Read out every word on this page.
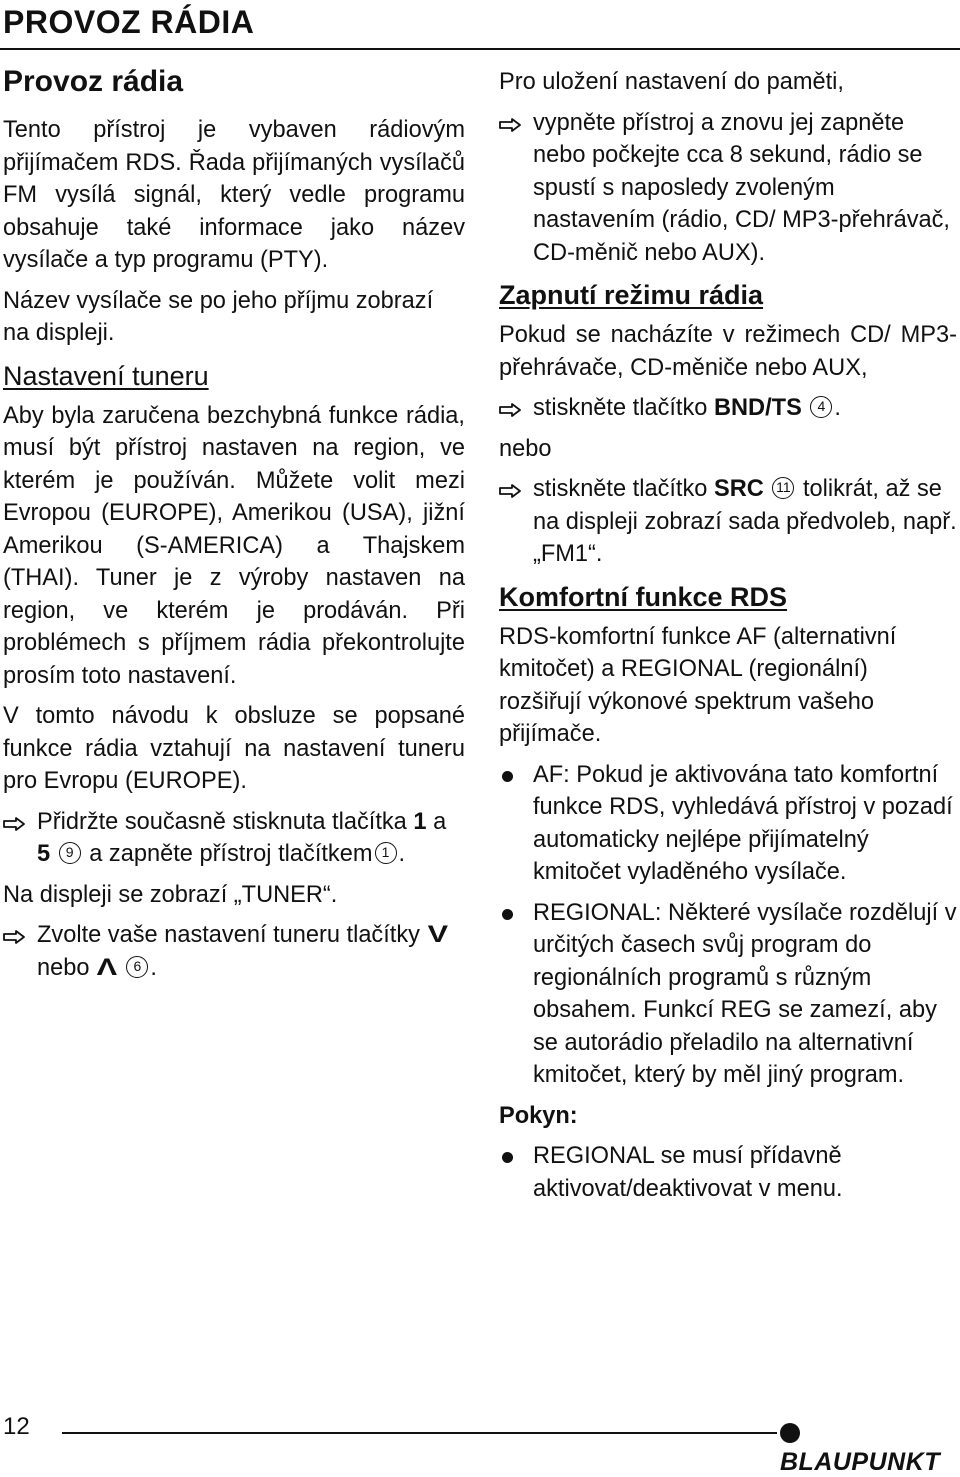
PROVOZ RÁDIA
Provoz rádia
Tento přístroj je vybaven rádiovým přijímačem RDS. Řada přijímaných vysílačů FM vysílá signál, který vedle programu obsahuje také informace jako název vysílače a typ programu (PTY).
Název vysílače se po jeho příjmu zobrazí na displeji.
Nastavení tuneru
Aby byla zaručena bezchybná funkce rádia, musí být přístroj nastaven na region, ve kterém je používán. Můžete volit mezi Evropou (EUROPE), Amerikou (USA), jižní Amerikou (S-AMERICA) a Thajskem (THAI). Tuner je z výroby nastaven na region, ve kterém je prodáván. Při problémech s příjmem rádia překontrolujte prosím toto nastavení.
V tomto návodu k obsluze se popsané funkce rádia vztahují na nastavení tuneru pro Evropu (EUROPE).
Přidržte současně stisknuta tlačítka 1 a 5 9 a zapněte přístroj tlačítkem 1 .
Na displeji se zobrazí „TUNER“.
Zvolte vaše nastavení tuneru tlačítky V nebo Λ 6 .
Pro uložení nastavení do paměti,
vypněte přístroj a znovu jej zapněte nebo počkejte cca 8 sekund, rádio se spustí s naposledy zvoleným nastavením (rádio, CD/ MP3-přehrávač, CD-měnič nebo AUX).
Zapnutí režimu rádia
Pokud se nacházíte v režimech CD/ MP3-přehrávače, CD-měniče nebo AUX,
stiskněte tlačítko BND/TS 4 .
nebo
stiskněte tlačítko SRC 11 tolikrát, až se na displeji zobrazí sada předvoleb, např. „FM1“.
Komfortní funkce RDS
RDS-komfortní funkce AF (alternativní kmitočet) a REGIONAL (regionální) rozšiřují výkonové spektrum vašeho přijímače.
AF: Pokud je aktivována tato komfortní funkce RDS, vyhledává přístroj v pozadí automaticky nejlépe přijímatelný kmitočet vyladěného vysílače.
REGIONAL: Některé vysílače rozdělují v určitých časech svůj program do regionálních programů s různým obsahem. Funkcí REG se zamezí, aby se autorádio přeladilo na alternativní kmitočet, který by měl jiný program.
Pokyn:
REGIONAL se musí přídavně aktivovat/deaktivovat v menu.
12
BLAUPUNKT
